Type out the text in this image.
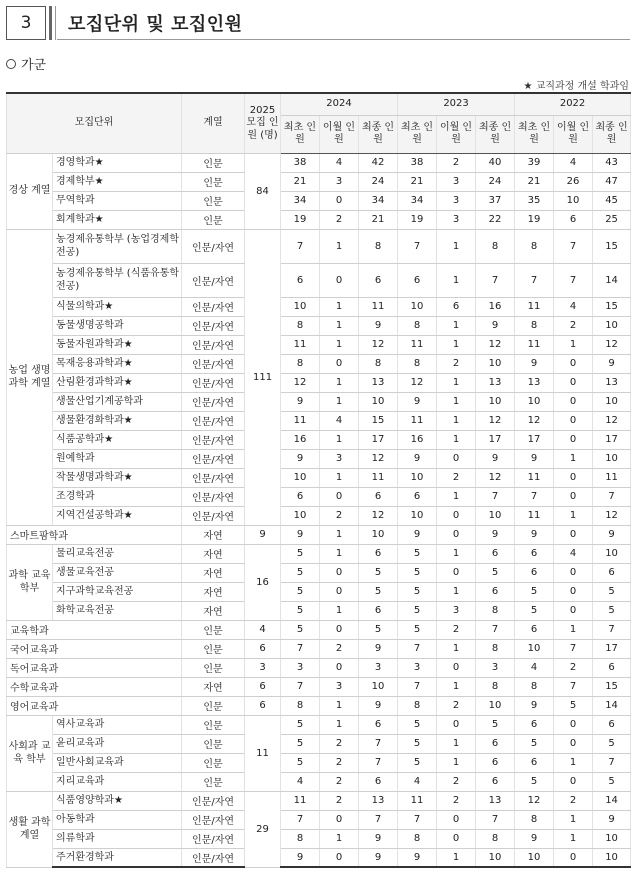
3	모집단위 및 모집인원
가군
★ 교직과정 개설 학과임
모집단위		계열	2025 모집 인원 (명)	2024			2023			2022		
				최초 인원	이월 인원	최종 인원	최초 인원	이월 인원	최종 인원	최초 인원	이월 인원	최종 인원
경상 계열	경영학과★	인문	84	38	4	42	38	2	40	39	4	43
	경제학부★	인문		21	3	24	21	3	24	21	26	47
	무역학과	인문		34	0	34	34	3	37	35	10	45
	회계학과★	인문		19	2	21	19	3	22	19	6	25
농업 생명 과학 계열	농경제유통학부 (농업경제학전공)	인문/자연	111	7	1	8	7	1	8	8	7	15
	농경제유통학부 (식품유통학전공)	인문/자연		6	0	6	6	1	7	7	7	14
	식물의학과★	인문/자연		10	1	11	10	6	16	11	4	15
	동물생명공학과	인문/자연		8	1	9	8	1	9	8	2	10
	동물자원과학과★	인문/자연		11	1	12	11	1	12	11	1	12
	목재응용과학과★	인문/자연		8	0	8	8	2	10	9	0	9
	산림환경과학과★	인문/자연		12	1	13	12	1	13	13	0	13
	생물산업기계공학과	인문/자연		9	1	10	9	1	10	10	0	10
	생물환경화학과★	인문/자연		11	4	15	11	1	12	12	0	12
	식품공학과★	인문/자연		16	1	17	16	1	17	17	0	17
	원예학과	인문/자연		9	3	12	9	0	9	9	1	10
	작물생명과학과★	인문/자연		10	1	11	10	2	12	11	0	11
	조경학과	인문/자연		6	0	6	6	1	7	7	0	7
	지역건설공학과★	인문/자연		10	2	12	10	0	10	11	1	12
스마트팜학과		자연	9	9	1	10	9	0	9	9	0	9
과학 교육 학부	물리교육전공	자연	16	5	1	6	5	1	6	6	4	10
	생물교육전공	자연		5	0	5	5	0	5	6	0	6
	지구과학교육전공	자연		5	0	5	5	1	6	5	0	5
	화학교육전공	자연		5	1	6	5	3	8	5	0	5
교육학과		인문	4	5	0	5	5	2	7	6	1	7
국어교육과		인문	6	7	2	9	7	1	8	10	7	17
독어교육과		인문	3	3	0	3	3	0	3	4	2	6
수학교육과		자연	6	7	3	10	7	1	8	8	7	15
영어교육과		인문	6	8	1	9	8	2	10	9	5	14
사회과 교육 학부	역사교육과	인문	11	5	1	6	5	0	5	6	0	6
	윤리교육과	인문		5	2	7	5	1	6	5	0	5
	일반사회교육과	인문		5	2	7	5	1	6	6	1	7
	지리교육과	인문		4	2	6	4	2	6	5	0	5
생활 과학 계열	식품영양학과★	인문/자연	29	11	2	13	11	2	13	12	2	14
	아동학과	인문/자연		7	0	7	7	0	7	8	1	9
	의류학과	인문/자연		8	1	9	8	0	8	9	1	10
	주거환경학과	인문/자연		9	0	9	9	1	10	10	0	10
